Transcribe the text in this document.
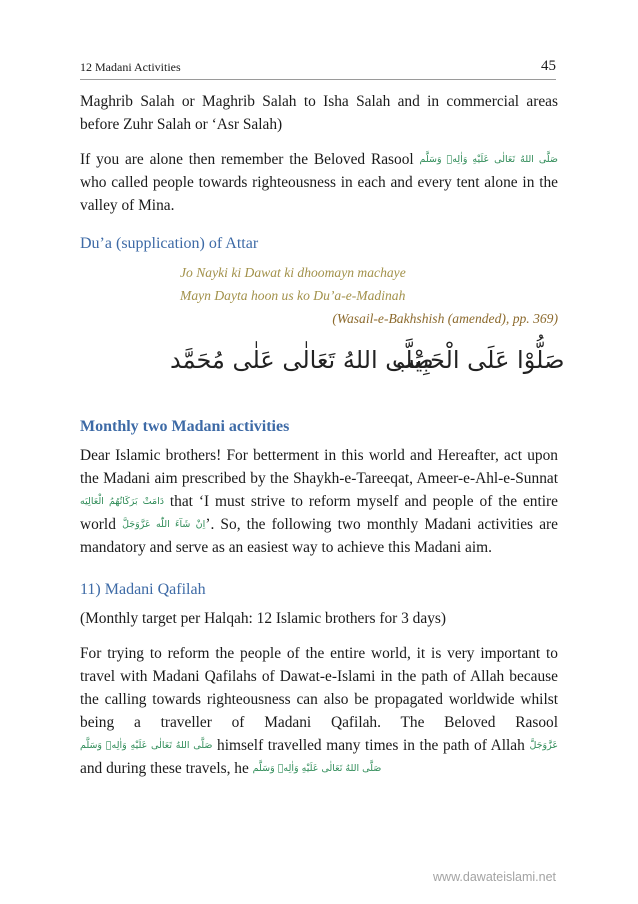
12 Madani Activities	45

Maghrib Salah or Maghrib Salah to Isha Salah and in commercial areas before Zuhr Salah or ‘Asr Salah)

If you are alone then remember the Beloved Rasool صَلَّى اللهُ تَعَالٰى عَلَيْهِ وَاٰلِهٖ وَسَلَّم who called people towards righteousness in each and every tent alone in the valley of Mina.

Du’a (supplication) of Attar
Jo Nayki ki Dawat ki dhoomayn machaye
Mayn Dayta hoon us ko Du’a-e-Madinah
(Wasail-e-Bakhshish (amended), pp. 369)
صَلَّى اللهُ تَعَالٰى عَلٰى مُحَمَّد
صَلُّوْا عَلَى الْحَبِيْب
Monthly two Madani activities

Dear Islamic brothers! For betterment in this world and Hereafter, act upon the Madani aim prescribed by the Shaykh-e-Tareeqat, Ameer-e-Ahl-e-Sunnat دَامَتْ بَرَكَاتُهُمُ الْعَالِيَه that ‘I must strive to reform myself and people of the entire world اِنْ شَآءَ اللّٰه عَزَّوَجَلَّ’. So, the following two monthly Madani activities are mandatory and serve as an easiest way to achieve this Madani aim.

11) Madani Qafilah

(Monthly target per Halqah: 12 Islamic brothers for 3 days)

For trying to reform the people of the entire world, it is very important to travel with Madani Qafilahs of Dawat-e-Islami in the path of Allah because the calling towards righteousness can also be propagated worldwide whilst being a traveller of Madani Qafilah. The Beloved Rasool صَلَّى اللهُ تَعَالٰى عَلَيْهِ وَاٰلِهٖ وَسَلَّم himself travelled many times in the path of Allah عَزَّوَجَلَّ and during these travels, he صَلَّى اللهُ تَعَالٰى عَلَيْهِ وَاٰلِهٖ وَسَلَّم

www.dawateislami.net
